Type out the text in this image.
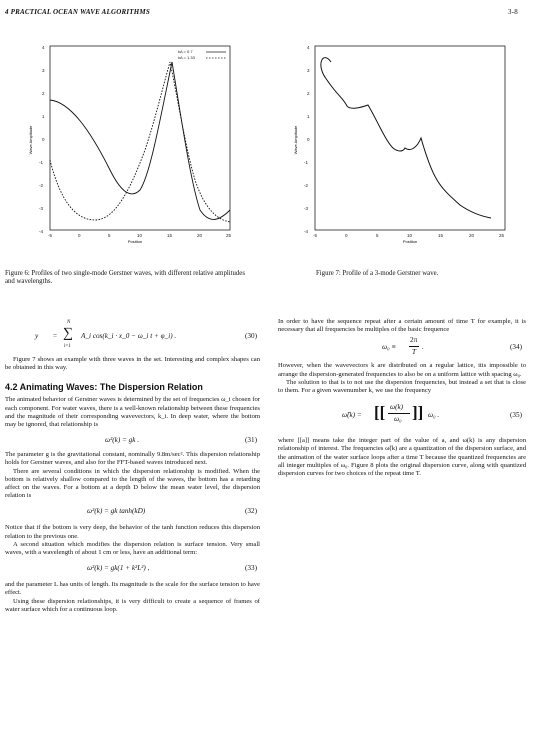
4 PRACTICAL OCEAN WAVE ALGORITHMS	3-8
4
3
2
1
0
-1
-2
-3
-4
-5	0	5	10	15	20	25
Position
Wave Amplitude
kA = 0.7
kA = 1.33
4
3
2
1
0
-1
-2
-3
-4
-5	0	5	10	15	20	25
Position
Wave Amplitude
Figure 6: Profiles of two single-mode Gerstner waves, with different relative amplitudes and wavelengths.
Figure 7: Profile of a 3-mode Gerstner wave.
y =
N
∑
i=1
A_i cos(k_i · x_0 − ω_i t + φ_i) .	(30)
Figure 7 shows an example with three waves in the set. Interesting and complex shapes can be obtained in this way.
4.2 Animating Waves: The Dispersion Relation
The animated behavior of Gerstner waves is determined by the set of frequencies ω_i chosen for each component. For water waves, there is a well-known relationship between these frequencies and the magnitude of their corresponding wavevectors, k_i. In deep water, where the bottom may be ignored, that relationship is
ω²(k) = gk .	(31)
The parameter g is the gravitational constant, nominally 9.8m/sec². This dispersion relationship holds for Gerstner waves, and also for the FFT-based waves introduced next.
There are several conditions in which the dispersion relationship is modified. When the bottom is relatively shallow compared to the length of the waves, the bottom has a retarding affect on the waves. For a bottom at a depth D below the mean water level, the dispersion relation is
ω²(k) = gk tanh(kD)	(32)
Notice that if the bottom is very deep, the behavior of the tanh function reduces this dispersion relation to the previous one.
A second situation which modifies the dispersion relation is surface tension. Very small waves, with a wavelength of about 1 cm or less, have an additional term:
ω²(k) = gk(1 + k²L²) ,	(33)
and the parameter L has units of length. Its magnitude is the scale for the surface tension to have effect.
Using these dispersion relationships, it is very difficult to create a sequence of frames of water surface which for a continuous loop.
In order to have the sequence repeat after a certain amount of time T for example, it is necessary that all frequencies be multiples of the basic frequence
ω₀ ≡
2π
T
.	(34)
However, when the wavevectors k are distributed on a regular lattice, itis impossible to arrange the dispersion-generated frequencies to also be on a uniform lattice with spacing ω₀.
The solution to that is to not use the dispersion frequencies, but instead a set that is close to them. For a given wavenumber k, we use the frequency
ω̃(k) = [[ ω(k)
ω₀ ]] ω₀ .	(35)
where [[a]] means take the integer part of the value of a, and ω(k) is any dispersion relationship of interest. The frequencies ω̃(k) are a quantization of the dispersion surface, and the animation of the water surface loops after a time T because the quantized frequencies are all integer multiples of ω₀. Figure 8 plots the original dispersion curve, along with quantized dispersion curves for two choices of the repeat time T.
